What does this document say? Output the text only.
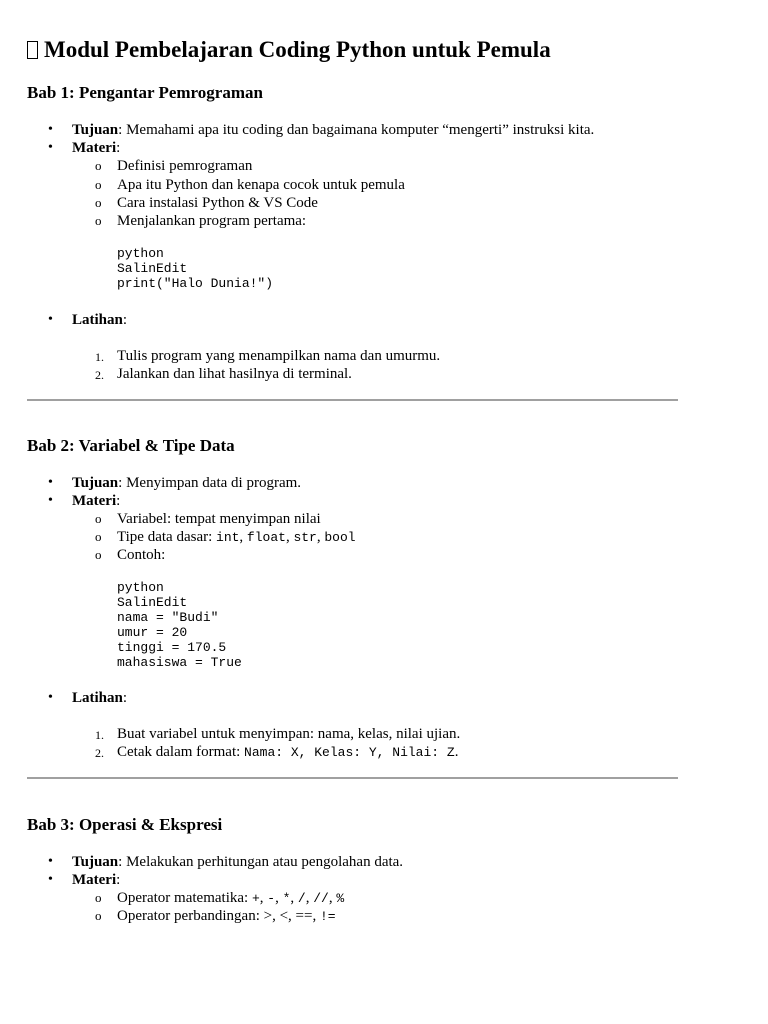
Modul Pembelajaran Coding Python untuk Pemula
Bab 1: Pengantar Pemrograman
• Tujuan: Memahami apa itu coding dan bagaimana komputer “mengerti” instruksi kita.
• Materi:
o Definisi pemrograman
o Apa itu Python dan kenapa cocok untuk pemula
o Cara instalasi Python & VS Code
o Menjalankan program pertama:
python
SalinEdit
print("Halo Dunia!")
• Latihan:
1. Tulis program yang menampilkan nama dan umurmu.
2. Jalankan dan lihat hasilnya di terminal.
Bab 2: Variabel & Tipe Data
• Tujuan: Menyimpan data di program.
• Materi:
o Variabel: tempat menyimpan nilai
o Tipe data dasar: int, float, str, bool
o Contoh:
python
SalinEdit
nama = "Budi"
umur = 20
tinggi = 170.5
mahasiswa = True
• Latihan:
1. Buat variabel untuk menyimpan: nama, kelas, nilai ujian.
2. Cetak dalam format: Nama: X, Kelas: Y, Nilai: Z.
Bab 3: Operasi & Ekspresi
• Tujuan: Melakukan perhitungan atau pengolahan data.
• Materi:
o Operator matematika: +, -, *, /, //, %
o Operator perbandingan: >, <, ==, !=
